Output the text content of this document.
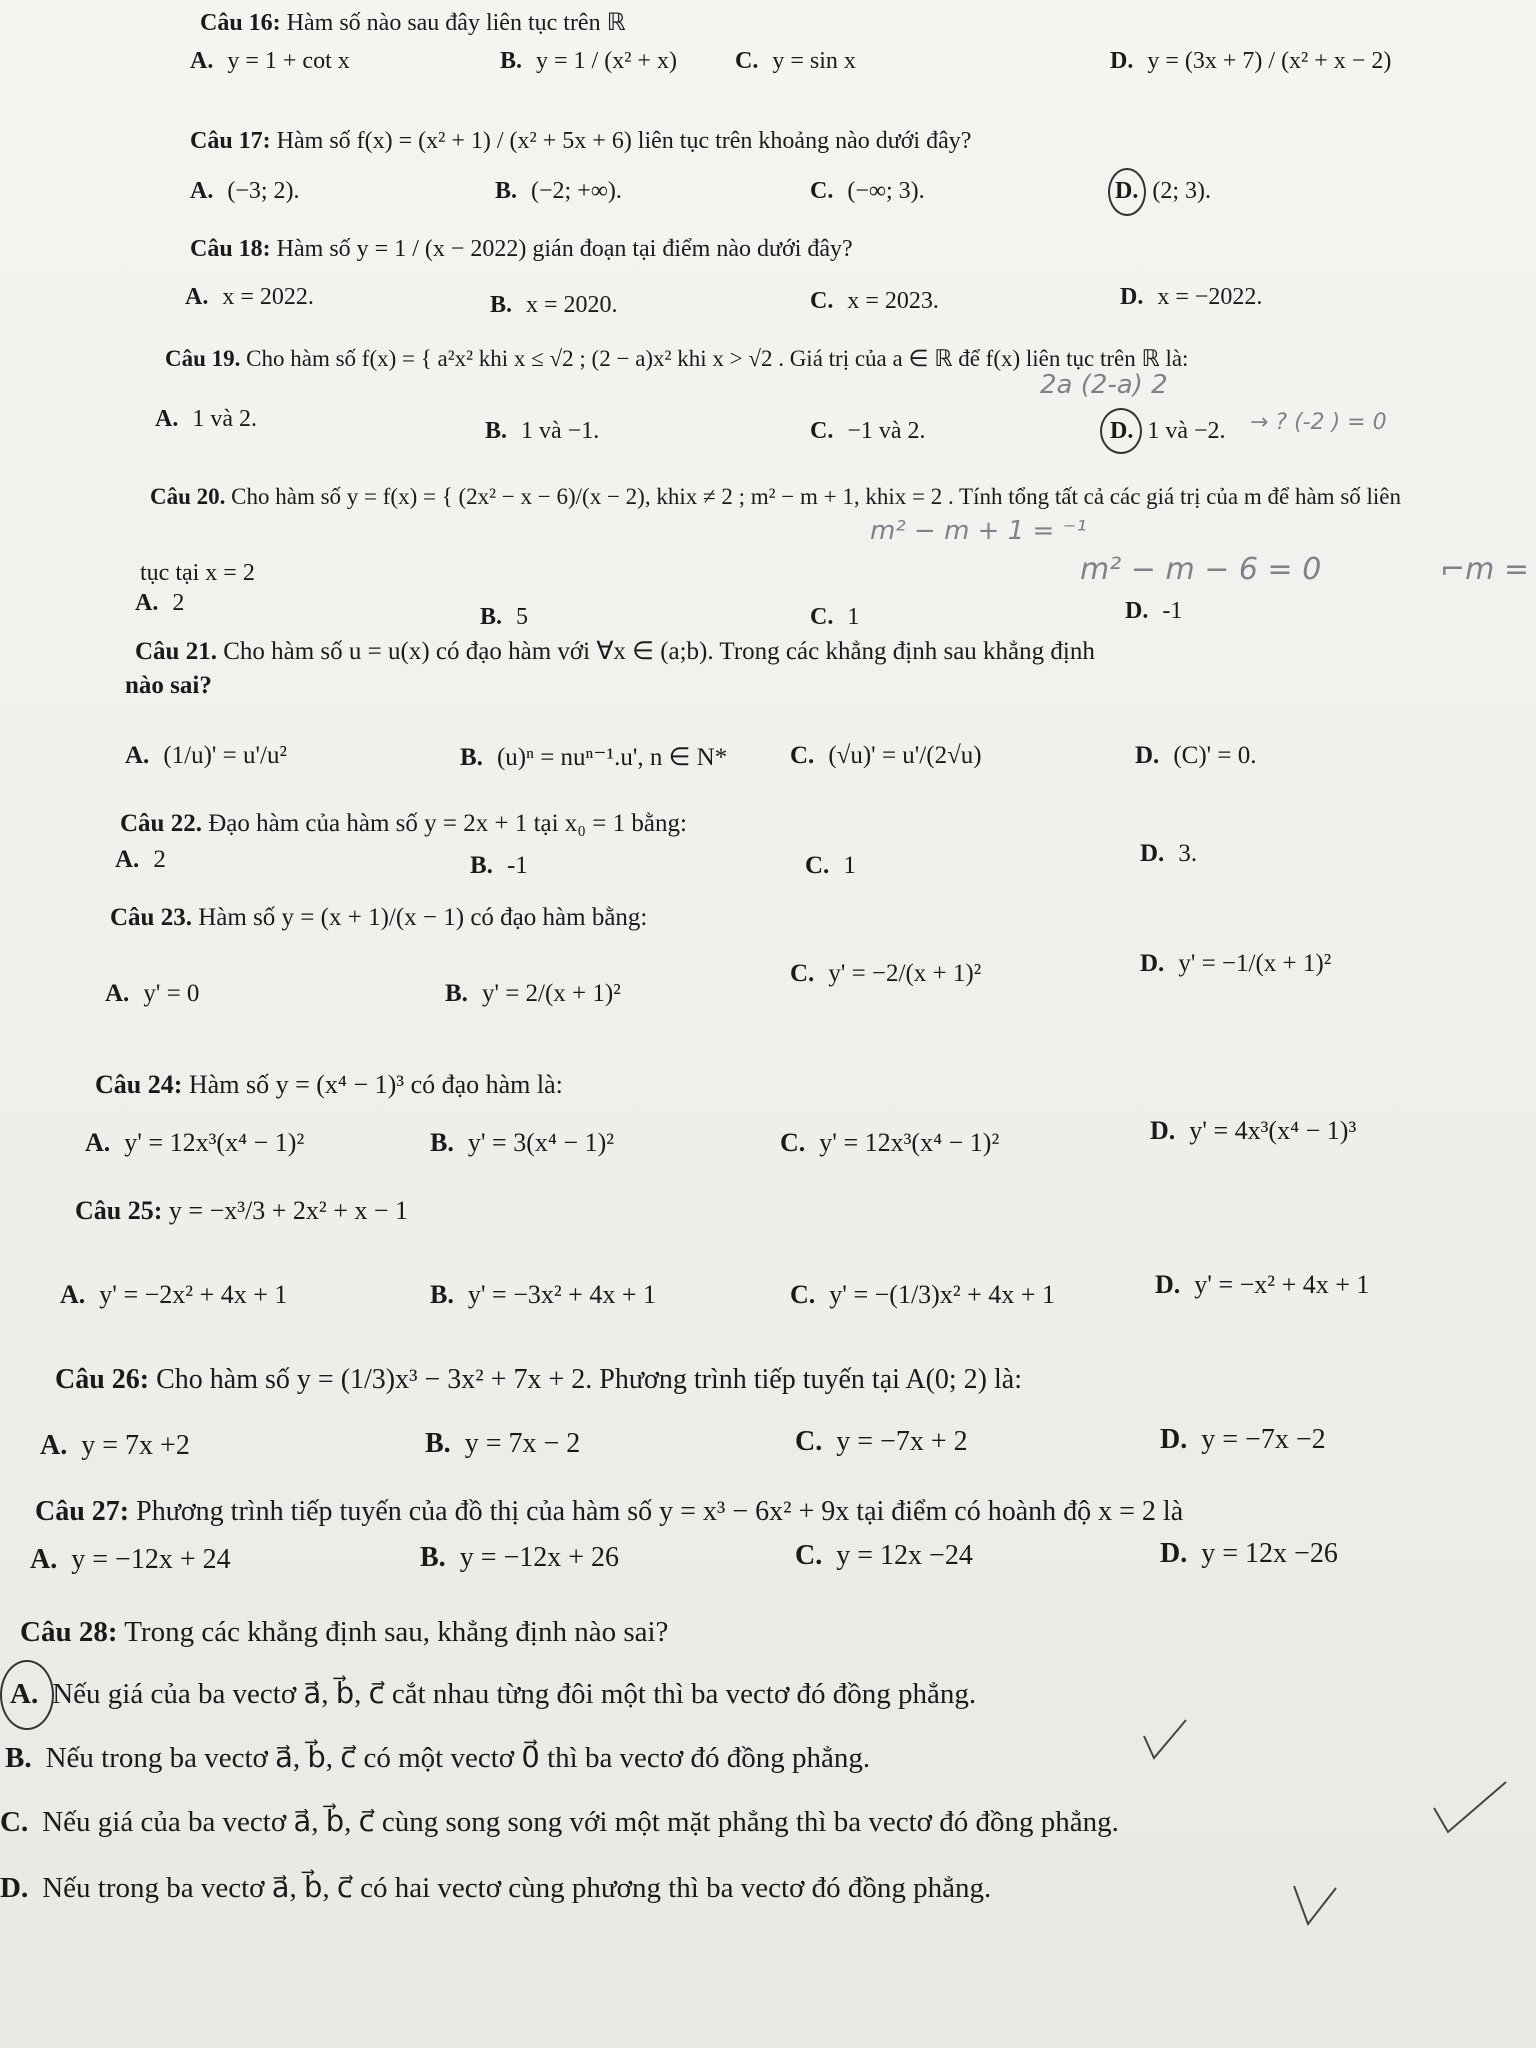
Câu 16: Hàm số nào sau đây liên tục trên ℝ
A. y = 1 + cot x	B. y = 1 / (x² + x) C. y = sin x	D. y = (3x + 7) / (x² + x − 2)
Câu 17: Hàm số f(x) = (x² + 1) / (x² + 5x + 6) liên tục trên khoảng nào dưới đây?
A. (−3; 2).	B. (−2; +∞).	C. (−∞; 3).	D. (2; 3).
Câu 18: Hàm số y = 1 / (x − 2022) gián đoạn tại điểm nào dưới đây?
A. x = 2022.	B. x = 2020.	C. x = 2023.	D. x = −2022.
Câu 19. Cho hàm số f(x) = { a²x² khi x ≤ √2 ; (2 − a)x² khi x > √2 . Giá trị của a ∈ ℝ để f(x) liên tục trên ℝ là:
A. 1 và 2.	B. 1 và −1.	C. −1 và 2.	D. 1 và −2.
2a (2-a) 2
→ ? (-2 ) = 0
Câu 20. Cho hàm số y = f(x) = { (2x² − x − 6)/(x − 2), khix ≠ 2 ; m² − m + 1, khix = 2 . Tính tổng tất cả các giá trị của m để hàm số liên
tục tại x = 2
m² − m + 1 = ⁻¹
m² − m − 6 = 0	⌐m =
A. 2
B. 5	C. 1	D. -1
Câu 21. Cho hàm số u = u(x) có đạo hàm với ∀x ∈ (a;b). Trong các khẳng định sau khẳng định
nào sai?
A. (1/u)' = u'/u²	B. (u)ⁿ = nuⁿ⁻¹.u', n ∈ N*	C. (√u)' = u'/(2√u)	D. (C)' = 0.
Câu 22. Đạo hàm của hàm số y = 2x + 1 tại x₀ = 1 bằng:
A. 2	B. -1	C. 1	D. 3.
Câu 23. Hàm số y = (x + 1)/(x − 1) có đạo hàm bằng:
A. y' = 0	B. y' = 2/(x + 1)²
C. y' = −2/(x + 1)²	D. y' = −1/(x + 1)²
Câu 24: Hàm số y = (x⁴ − 1)³ có đạo hàm là:
A. y' = 12x³(x⁴ − 1)²	B. y' = 3(x⁴ − 1)²	C. y' = 12x³(x⁴ − 1)²	D. y' = 4x³(x⁴ − 1)³
Câu 25: y = −x³/3 + 2x² + x − 1
A. y' = −2x² + 4x + 1	B. y' = −3x² + 4x + 1	C. y' = −(1/3)x² + 4x + 1	D. y' = −x² + 4x + 1
Câu 26: Cho hàm số y = (1/3)x³ − 3x² + 7x + 2. Phương trình tiếp tuyến tại A(0; 2) là:
A. y = 7x +2	B. y = 7x − 2	C. y = −7x + 2	D. y = −7x −2
Câu 27: Phương trình tiếp tuyến của đồ thị của hàm số y = x³ − 6x² + 9x tại điểm có hoành độ x = 2 là
A. y = −12x + 24	B. y = −12x + 26	C. y = 12x −24	D. y = 12x −26
Câu 28: Trong các khẳng định sau, khẳng định nào sai?
A. Nếu giá của ba vectơ a⃗, b⃗, c⃗ cắt nhau từng đôi một thì ba vectơ đó đồng phẳng.
B. Nếu trong ba vectơ a⃗, b⃗, c⃗ có một vectơ 0⃗ thì ba vectơ đó đồng phẳng.
C. Nếu giá của ba vectơ a⃗, b⃗, c⃗ cùng song song với một mặt phẳng thì ba vectơ đó đồng phẳng.
D. Nếu trong ba vectơ a⃗, b⃗, c⃗ có hai vectơ cùng phương thì ba vectơ đó đồng phẳng.
